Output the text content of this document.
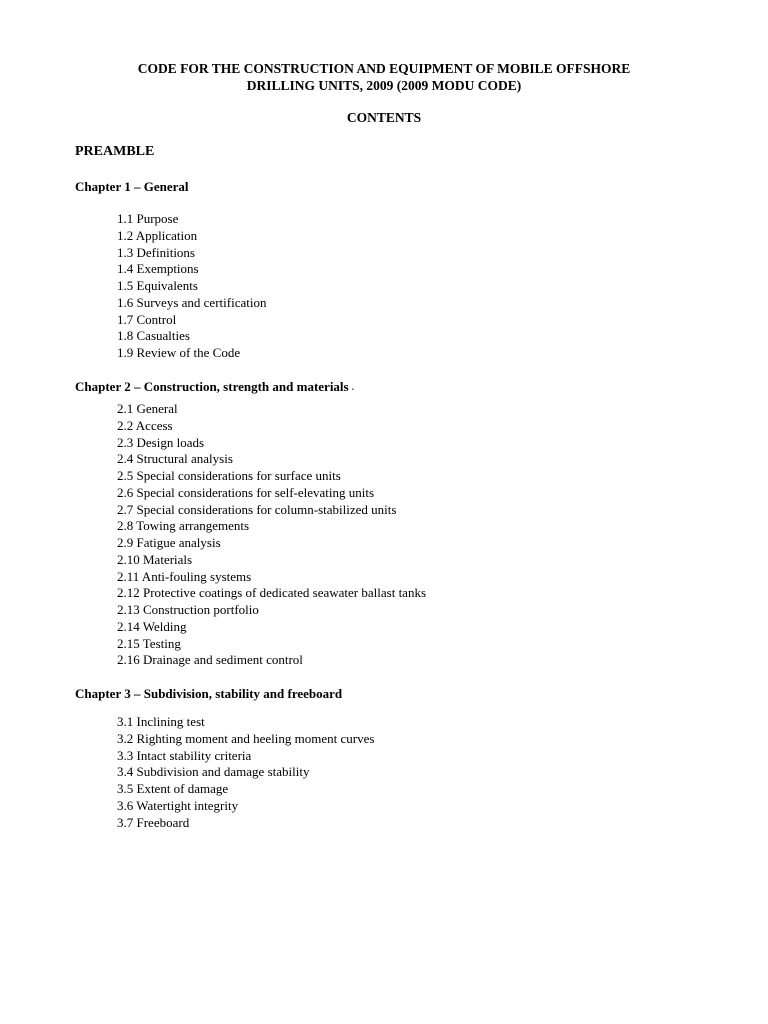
CODE FOR THE CONSTRUCTION AND EQUIPMENT OF MOBILE OFFSHORE

DRILLING UNITS, 2009 (2009 MODU CODE)

CONTENTS

PREAMBLE

Chapter 1 – General

1.1 Purpose
1.2 Application
1.3 Definitions
1.4 Exemptions
1.5 Equivalents
1.6 Surveys and certification
1.7 Control
1.8 Casualties
1.9 Review of the Code

Chapter 2 – Construction, strength and materials ▪

2.1 General
2.2 Access
2.3 Design loads
2.4 Structural analysis
2.5 Special considerations for surface units
2.6 Special considerations for self-elevating units
2.7 Special considerations for column-stabilized units
2.8 Towing arrangements
2.9 Fatigue analysis
2.10 Materials
2.11 Anti-fouling systems
2.12 Protective coatings of dedicated seawater ballast tanks
2.13 Construction portfolio
2.14 Welding
2.15 Testing
2.16 Drainage and sediment control

Chapter 3 – Subdivision, stability and freeboard

3.1 Inclining test
3.2 Righting moment and heeling moment curves
3.3 Intact stability criteria
3.4 Subdivision and damage stability
3.5 Extent of damage
3.6 Watertight integrity
3.7 Freeboard
